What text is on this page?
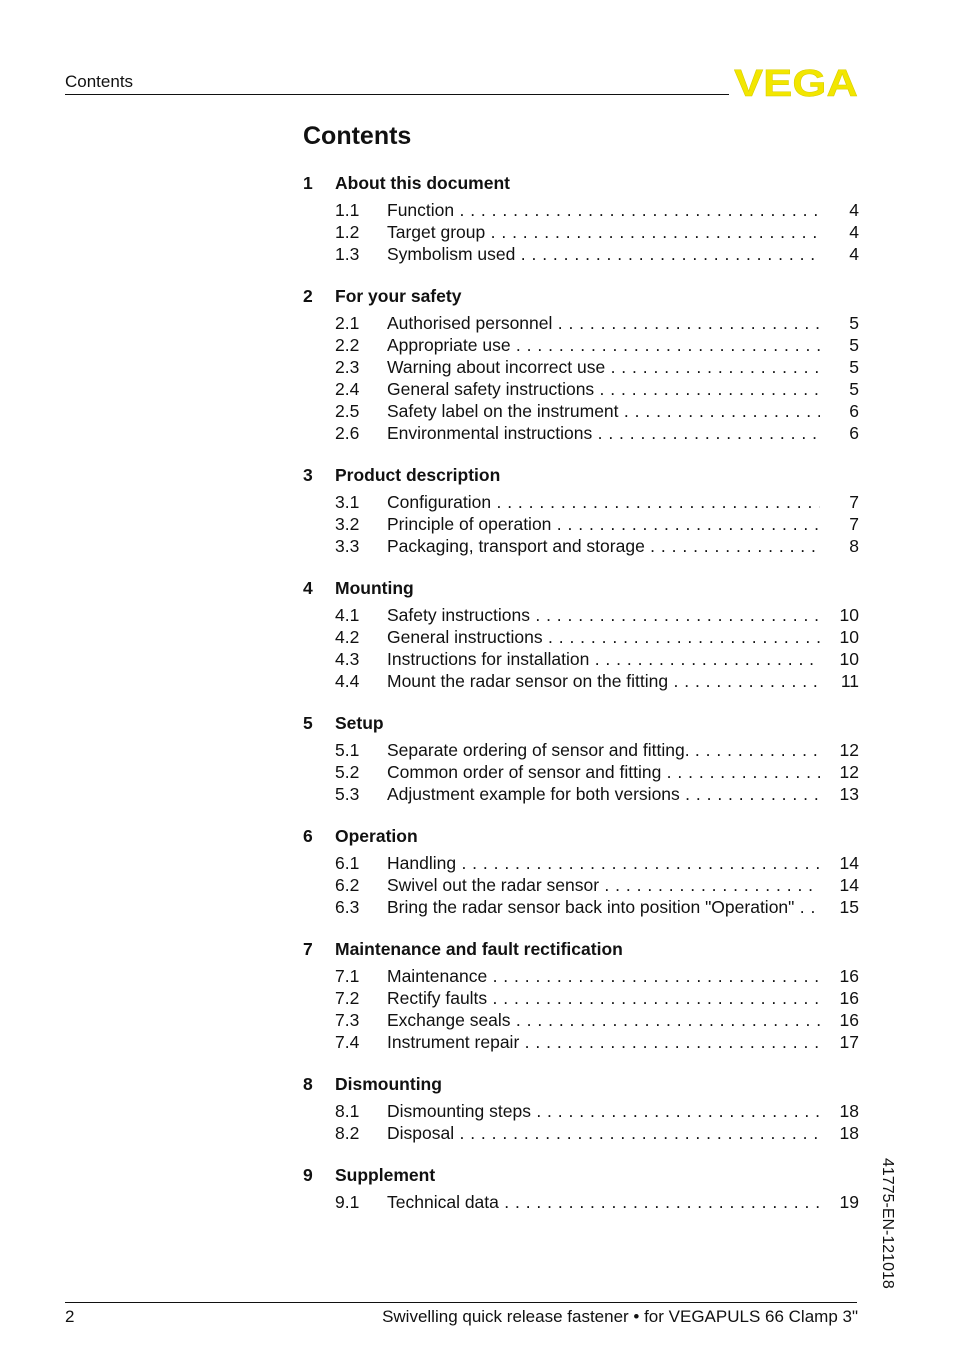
Contents	VEGA
Contents
1	About this document
1.1	Function . . .	4
1.2	Target group . . .	4
1.3	Symbolism used . . .	4
2	For your safety
2.1	Authorised personnel . . .	5
2.2	Appropriate use . . .	5
2.3	Warning about incorrect use . . .	5
2.4	General safety instructions . . .	5
2.5	Safety label on the instrument . . .	6
2.6	Environmental instructions . . .	6
3	Product description
3.1	Configuration . . .	7
3.2	Principle of operation . . .	7
3.3	Packaging, transport and storage . . .	8
4	Mounting
4.1	Safety instructions . . .	10
4.2	General instructions . . .	10
4.3	Instructions for installation . . .	10
4.4	Mount the radar sensor on the fitting . . .	11
5	Setup
5.1	Separate ordering of sensor and fitting. . . .	12
5.2	Common order of sensor and fitting . . .	12
5.3	Adjustment example for both versions . . .	13
6	Operation
6.1	Handling . . .	14
6.2	Swivel out the radar sensor . . .	14
6.3	Bring the radar sensor back into position "Operation" . . .	15
7	Maintenance and fault rectification
7.1	Maintenance . . .	16
7.2	Rectify faults . . .	16
7.3	Exchange seals . . .	16
7.4	Instrument repair . . .	17
8	Dismounting
8.1	Dismounting steps . . .	18
8.2	Disposal . . .	18
9	Supplement
9.1	Technical data . . .	19 41775-EN-121018
2	Swivelling quick release fastener • for VEGAPULS 66 Clamp 3"
